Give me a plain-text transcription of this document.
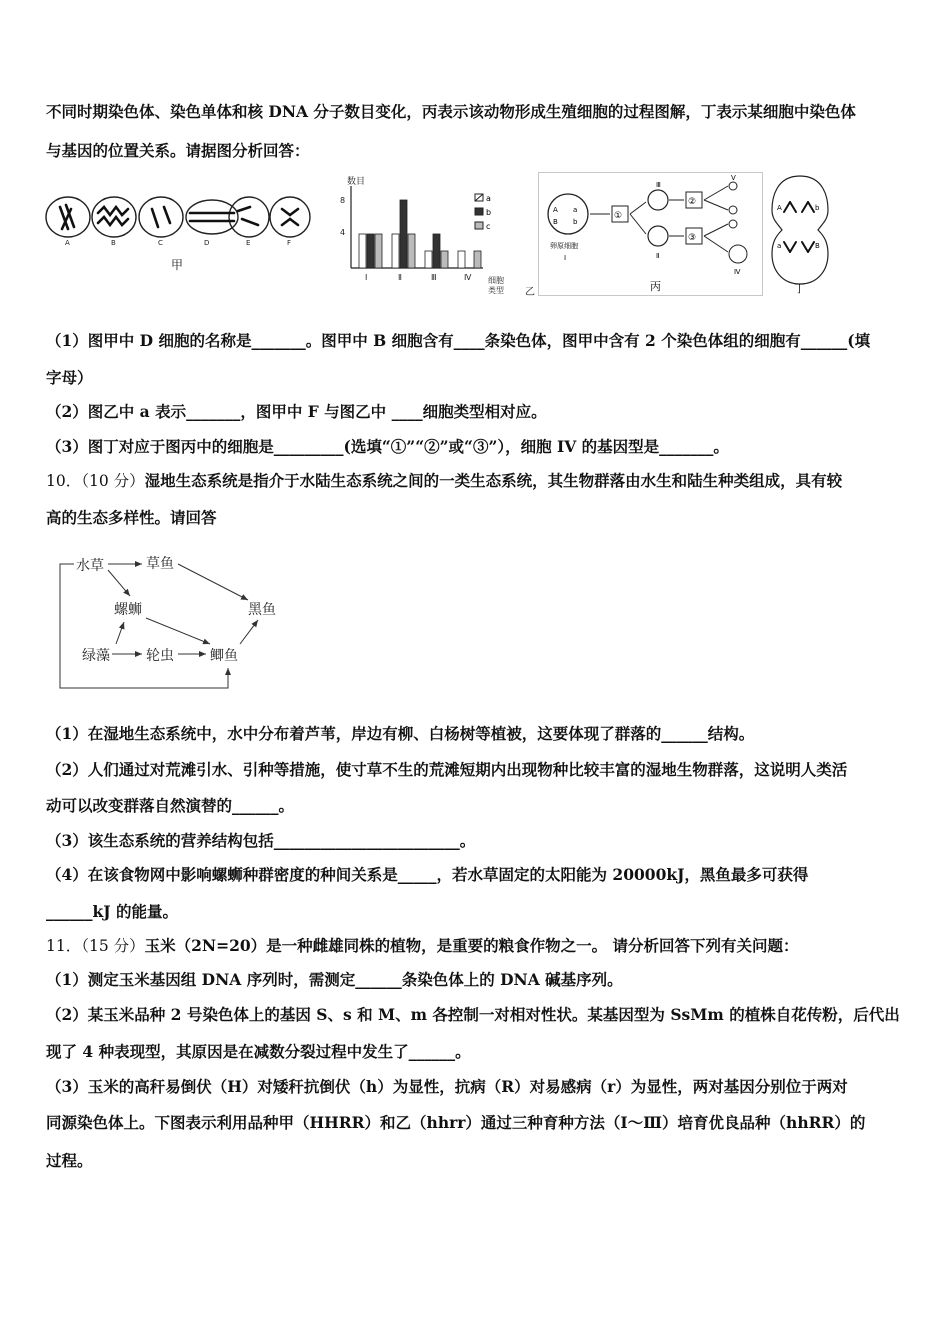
不同时期染色体、染色单体和核 DNA 分子数目变化，丙表示该动物形成生殖细胞的过程图解，丁表示某细胞中染色体
与基因的位置关系。请据图分析回答：
A	B	C	D	E	F
甲
数目
8
4
Ⅰ	Ⅱ	Ⅲ	Ⅳ 细胞
类型
a
b
c
乙
A a
B b
卵原细胞
Ⅰ
①
Ⅲ
Ⅱ
②
③
Ⅴ
Ⅳ
丙
A	b
a	B
丁
（1）图甲中 D 细胞的名称是_______。图甲中 B 细胞含有____条染色体，图甲中含有 2 个染色体组的细胞有______(填
字母）
（2）图乙中 a 表示_______，图甲中 F 与图乙中 ____细胞类型相对应。
（3）图丁对应于图丙中的细胞是_________(选填“①”“②”或“③”），细胞 IV 的基因型是_______。
10．（10 分）湿地生态系统是指介于水陆生态系统之间的一类生态系统，其生物群落由水生和陆生种类组成，具有较
高的生态多样性。请回答
水草	草鱼
螺蛳	黑鱼
绿藻	轮虫	鲫鱼
（1）在湿地生态系统中，水中分布着芦苇，岸边有柳、白杨树等植被，这要体现了群落的______结构。
（2）人们通过对荒滩引水、引种等措施，使寸草不生的荒滩短期内出现物种比较丰富的湿地生物群落，这说明人类活
动可以改变群落自然演替的______。
（3）该生态系统的营养结构包括________________________。
（4）在该食物网中影响螺蛳种群密度的种间关系是_____，若水草固定的太阳能为 20000kJ，黑鱼最多可获得
______kJ 的能量。
11．（15 分）玉米（2N=20）是一种雌雄同株的植物，是重要的粮食作物之一。 请分析回答下列有关问题：
（1）测定玉米基因组 DNA 序列时，需测定______条染色体上的 DNA 碱基序列。
（2）某玉米品种 2 号染色体上的基因 S、s 和 M、m 各控制一对相对性状。某基因型为 SsMm 的植株自花传粉，后代出
现了 4 种表现型，其原因是在减数分裂过程中发生了______。
（3）玉米的高秆易倒伏（H）对矮秆抗倒伏（h）为显性，抗病（R）对易感病（r）为显性，两对基因分别位于两对
同源染色体上。下图表示利用品种甲（HHRR）和乙（hhrr）通过三种育种方法（Ⅰ～Ⅲ）培育优良品种（hhRR）的
过程。
